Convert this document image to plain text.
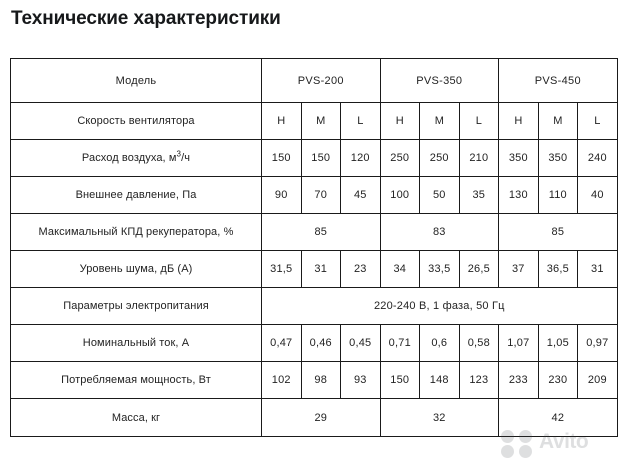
Технические характеристики
Модель	PVS-200			PVS-350			PVS-450		
Скорость вентилятора	H	M	L	H	M	L	H	M	L
Расход воздуха, $м^3/ч$	150	150	120	250	250	210	350	350	240
Внешнее давление, Па	90	70	45	100	50	35	130	110	40
Максимальный КПД рекуператора, %	85			83			85		
Уровень шума, дБ (А)	31,5	31	23	34	33,5	26,5	37	36,5	31
Параметры электропитания	220-240 В, 1 фаза, 50 Гц								
Номинальный ток, А	0,47	0,46	0,45	0,71	0,6	0,58	1,07	1,05	0,97
Потребляемая мощность, Вт	102	98	93	150	148	123	233	230	209
Масса, кг	29			32			42		
Avito
